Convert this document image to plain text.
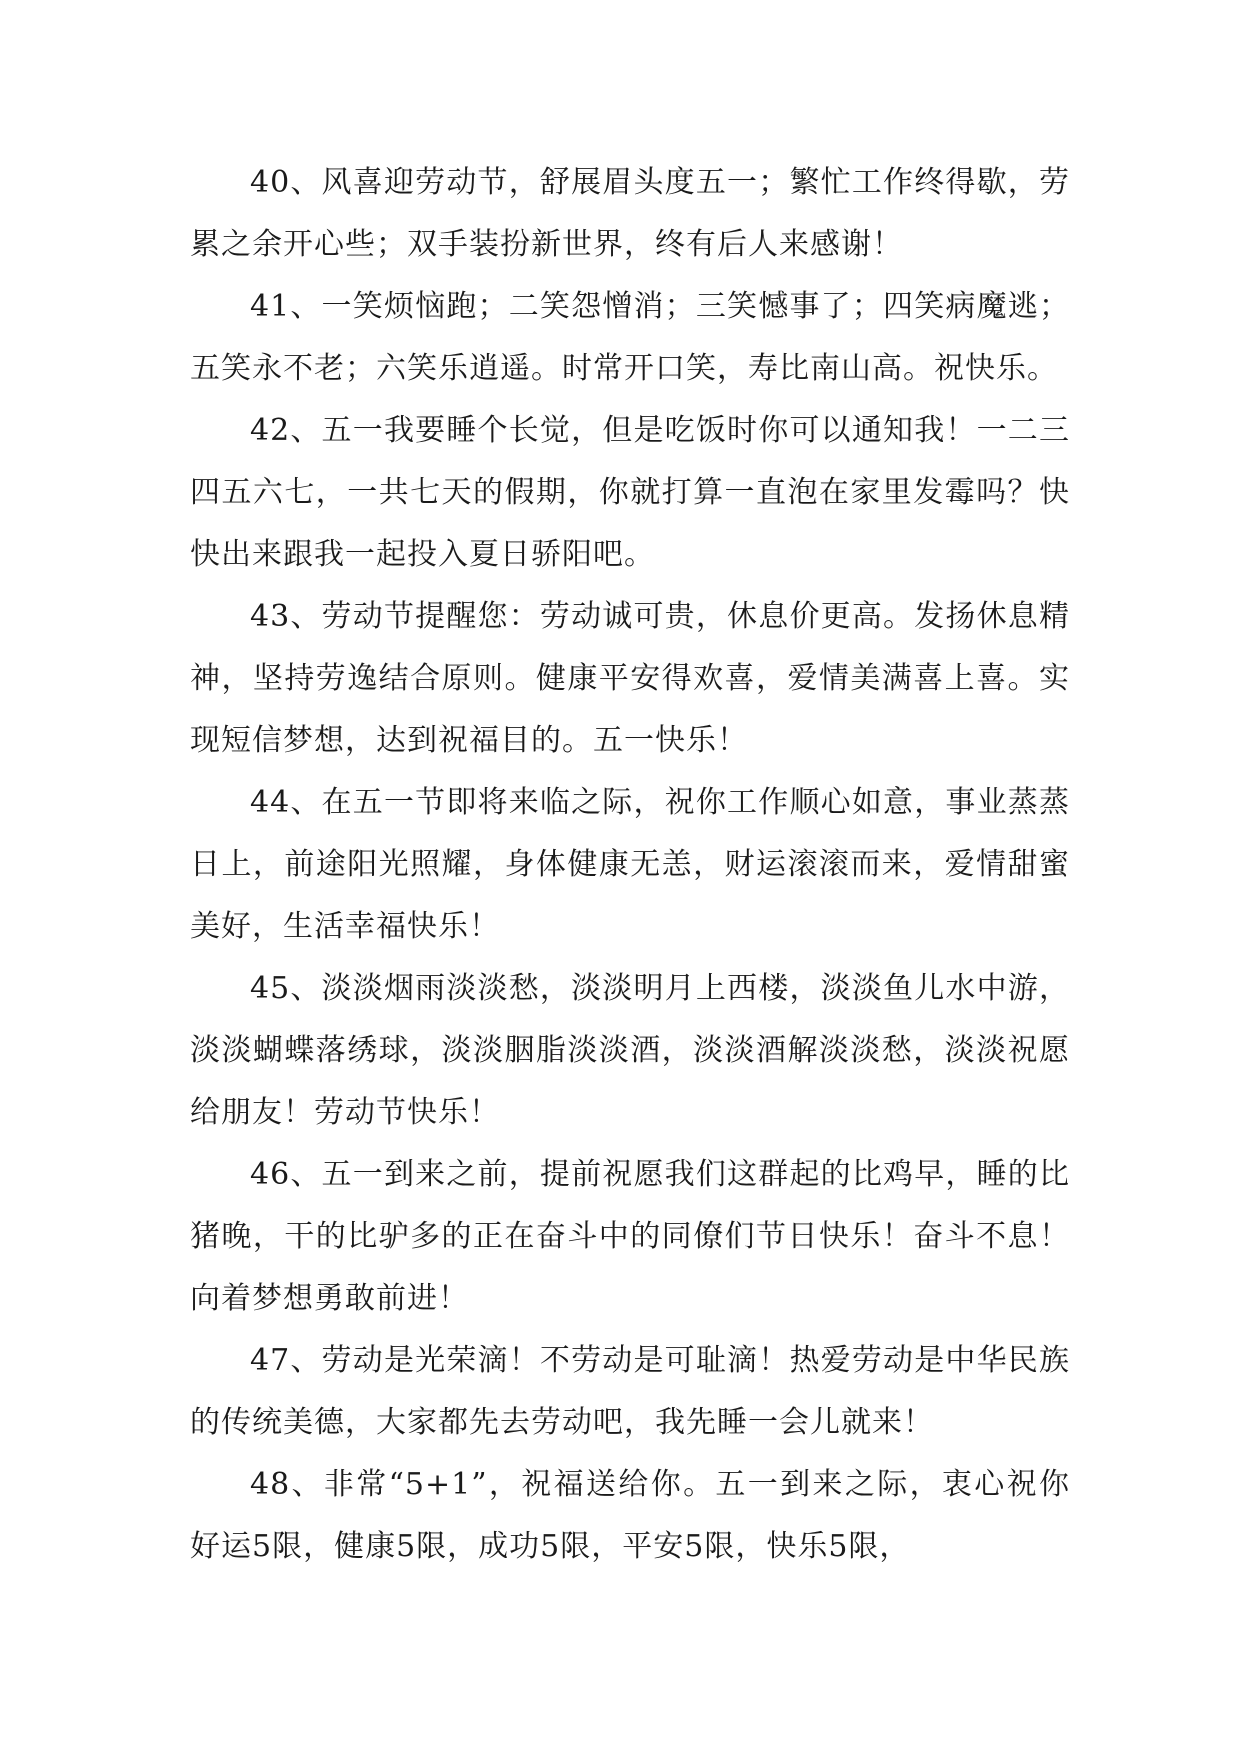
40、风喜迎劳动节，舒展眉头度五一；繁忙工作终得歇，劳累之余开心些；双手装扮新世界，终有后人来感谢！

41、一笑烦恼跑；二笑怨憎消；三笑憾事了；四笑病魔逃；五笑永不老；六笑乐逍遥。时常开口笑，寿比南山高。祝快乐。

42、五一我要睡个长觉，但是吃饭时你可以通知我！一二三四五六七，一共七天的假期，你就打算一直泡在家里发霉吗？快快出来跟我一起投入夏日骄阳吧。

43、劳动节提醒您：劳动诚可贵，休息价更高。发扬休息精神，坚持劳逸结合原则。健康平安得欢喜，爱情美满喜上喜。实现短信梦想，达到祝福目的。五一快乐！

44、在五一节即将来临之际，祝你工作顺心如意，事业蒸蒸日上，前途阳光照耀，身体健康无恙，财运滚滚而来，爱情甜蜜美好，生活幸福快乐！

45、淡淡烟雨淡淡愁，淡淡明月上西楼，淡淡鱼儿水中游，淡淡蝴蝶落绣球，淡淡胭脂淡淡酒，淡淡酒解淡淡愁，淡淡祝愿给朋友！劳动节快乐！

46、五一到来之前，提前祝愿我们这群起的比鸡早，睡的比猪晚，干的比驴多的正在奋斗中的同僚们节日快乐！奋斗不息！向着梦想勇敢前进！

47、劳动是光荣滴！不劳动是可耻滴！热爱劳动是中华民族的传统美德，大家都先去劳动吧，我先睡一会儿就来！

48、非常“5+1”，祝福送给你。五一到来之际，衷心祝你好运5限，健康5限，成功5限，平安5限，快乐5限，
